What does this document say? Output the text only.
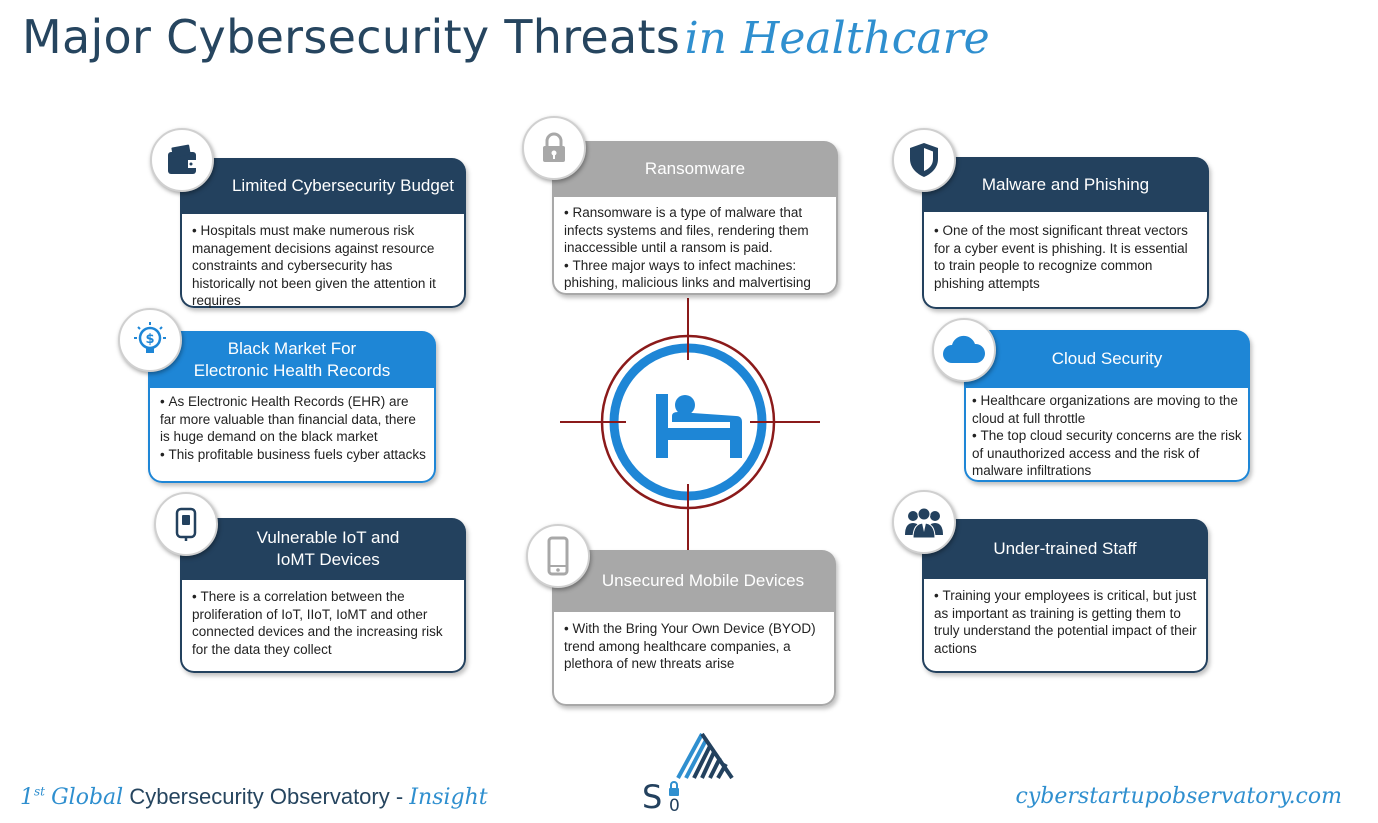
Major Cybersecurity Threats in Healthcare
Limited Cybersecurity Budget

• Hospitals must make numerous risk management decisions against resource constraints and cybersecurity has historically not been given the attention it requires

Black Market For
Electronic Health Records

• As Electronic Health Records (EHR) are far more valuable than financial data, there is huge demand on the black market

• This profitable business fuels cyber attacks

$
Vulnerable IoT and
IoMT Devices

• There is a correlation between the proliferation of IoT, IIoT, IoMT and other connected devices and the increasing risk for the data they collect

Ransomware

• Ransomware is a type of malware that infects systems and files, rendering them inaccessible until a ransom is paid.

• Three major ways to infect machines: phishing, malicious links and malvertising

Unsecured Mobile Devices

• With the Bring Your Own Device (BYOD) trend among healthcare companies, a plethora of new threats arise

Malware and Phishing

• One of the most significant threat vectors for a cyber event is phishing. It is essential to train people to recognize common phishing attempts

Cloud Security

• Healthcare organizations are moving to the cloud at full throttle

• The top cloud security concerns are the risk of unauthorized access and the risk of malware infiltrations

Under-trained Staff

• Training your employees is critical, but just as important as training is getting them to truly understand the potential impact of their actions

S 0
1st Global Cybersecurity Observatory - Insight	cyberstartupobservatory.com
